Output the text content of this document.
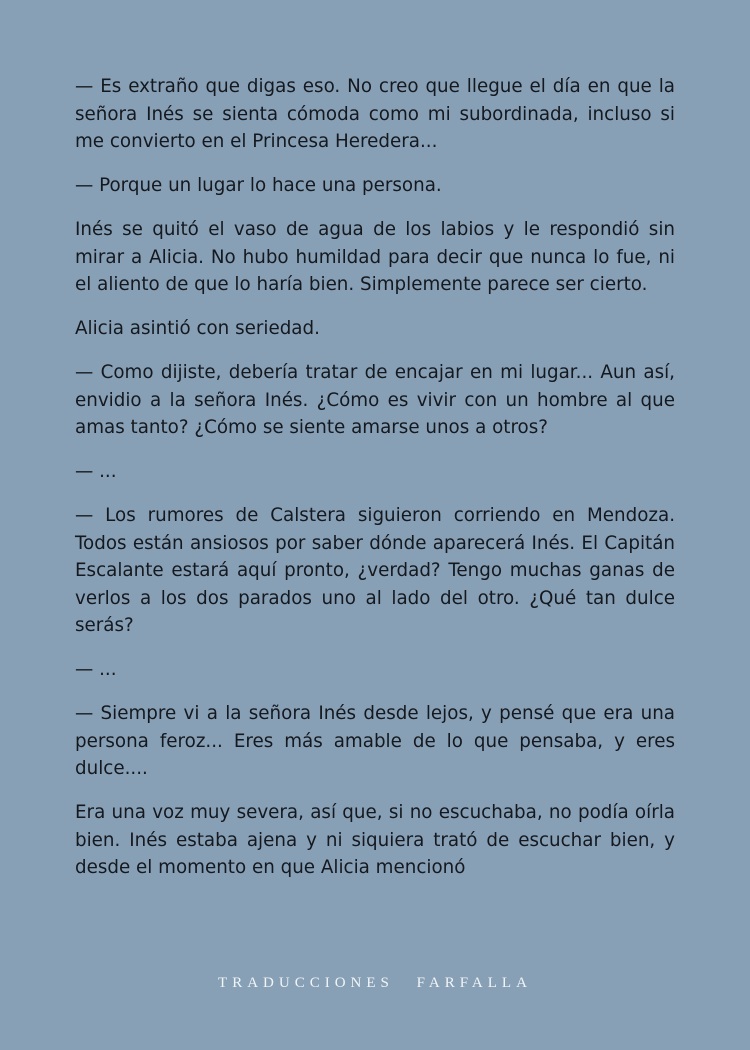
— Es extraño que digas eso. No creo que llegue el día en que la señora Inés se sienta cómoda como mi subordinada, incluso si me convierto en el Princesa Heredera...

— Porque un lugar lo hace una persona.

Inés se quitó el vaso de agua de los labios y le respondió sin mirar a Alicia. No hubo humildad para decir que nunca lo fue, ni el aliento de que lo haría bien. Simplemente parece ser cierto.

Alicia asintió con seriedad.

— Como dijiste, debería tratar de encajar en mi lugar... Aun así, envidio a la señora Inés. ¿Cómo es vivir con un hombre al que amas tanto? ¿Cómo se siente amarse unos a otros?

— ...

— Los rumores de Calstera siguieron corriendo en Mendoza. Todos están ansiosos por saber dónde aparecerá Inés. El Capitán Escalante estará aquí pronto, ¿verdad? Tengo muchas ganas de verlos a los dos parados uno al lado del otro. ¿Qué tan dulce serás?

— ...

— Siempre vi a la señora Inés desde lejos, y pensé que era una persona feroz... Eres más amable de lo que pensaba, y eres dulce....

Era una voz muy severa, así que, si no escuchaba, no podía oírla bien. Inés estaba ajena y ni siquiera trató de escuchar bien, y desde el momento en que Alicia mencionó

TRADUCCIONES FARFALLA
